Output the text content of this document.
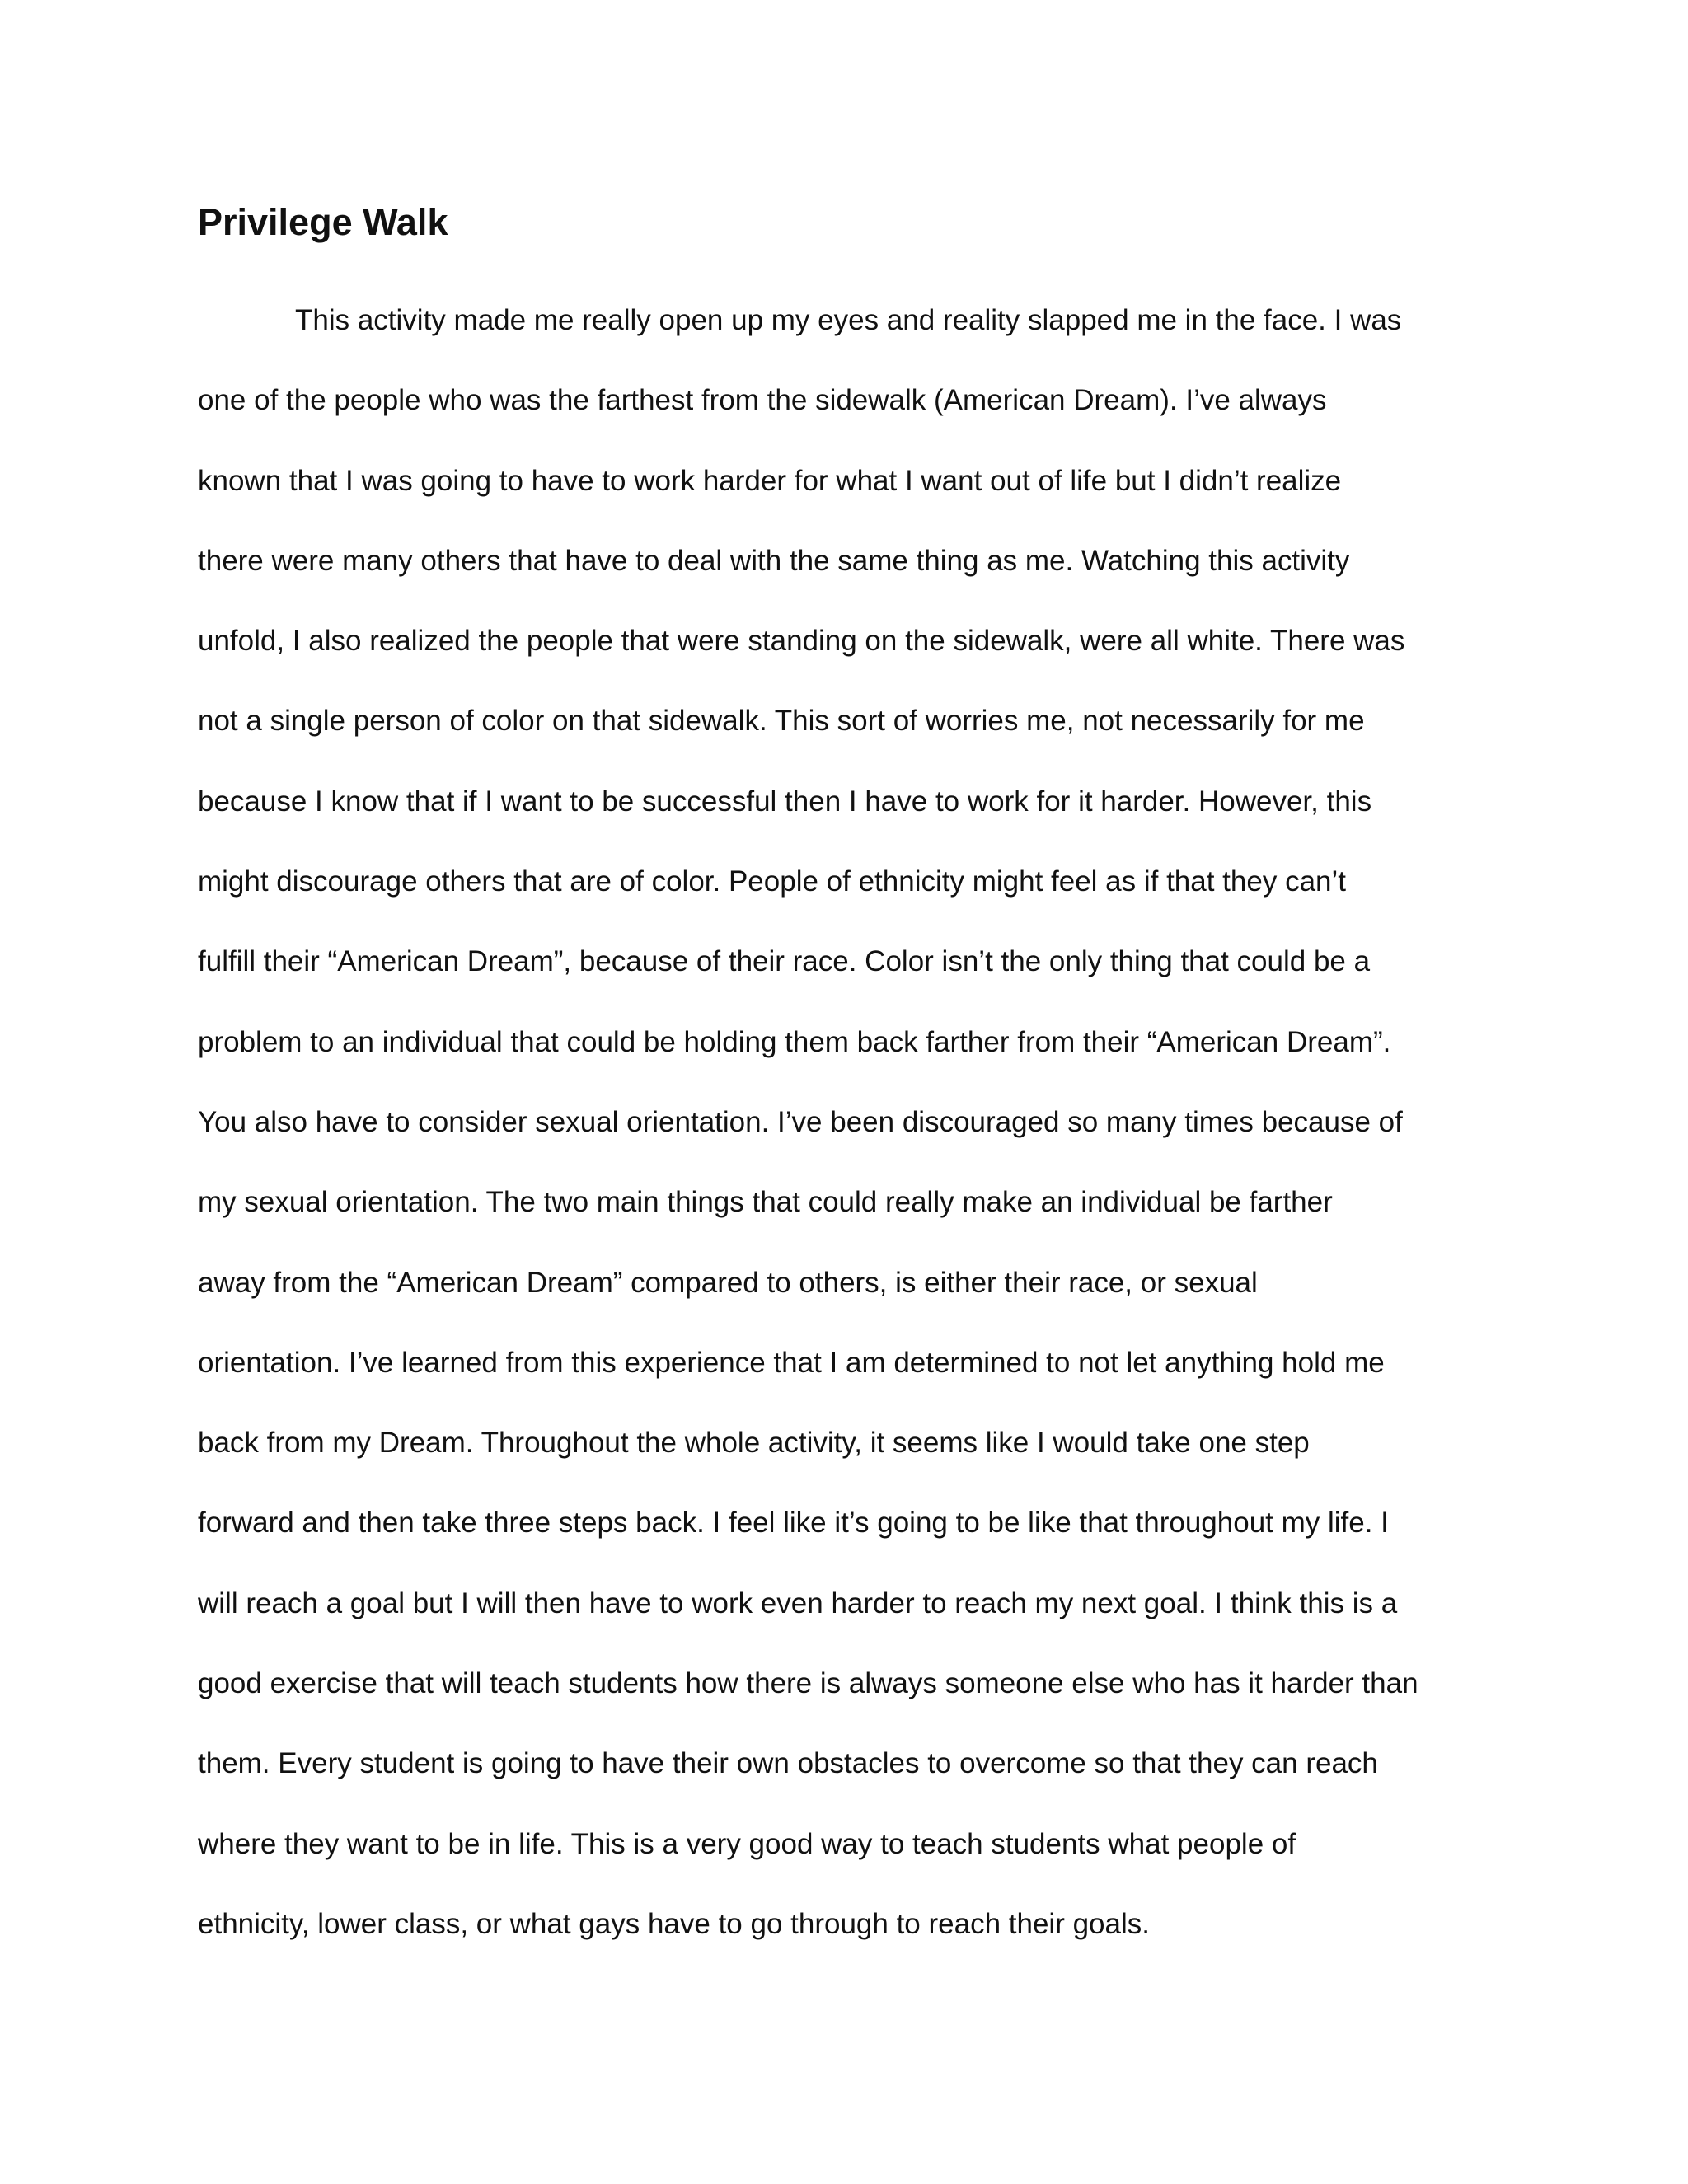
Privilege Walk
This activity made me really open up my eyes and reality slapped me in the face. I was
one of the people who was the farthest from the sidewalk (American Dream). I’ve always
known that I was going to have to work harder for what I want out of life but I didn’t realize
there were many others that have to deal with the same thing as me. Watching this activity
unfold, I also realized the people that were standing on the sidewalk, were all white. There was
not a single person of color on that sidewalk. This sort of worries me, not necessarily for me
because I know that if I want to be successful then I have to work for it harder. However, this
might discourage others that are of color. People of ethnicity might feel as if that they can’t
fulfill their “American Dream”, because of their race. Color isn’t the only thing that could be a
problem to an individual that could be holding them back farther from their “American Dream”.
You also have to consider sexual orientation. I’ve been discouraged so many times because of
my sexual orientation. The two main things that could really make an individual be farther
away from the “American Dream” compared to others, is either their race, or sexual
orientation. I’ve learned from this experience that I am determined to not let anything hold me
back from my Dream. Throughout the whole activity, it seems like I would take one step
forward and then take three steps back. I feel like it’s going to be like that throughout my life. I
will reach a goal but I will then have to work even harder to reach my next goal. I think this is a
good exercise that will teach students how there is always someone else who has it harder than
them. Every student is going to have their own obstacles to overcome so that they can reach
where they want to be in life. This is a very good way to teach students what people of
ethnicity, lower class, or what gays have to go through to reach their goals.
